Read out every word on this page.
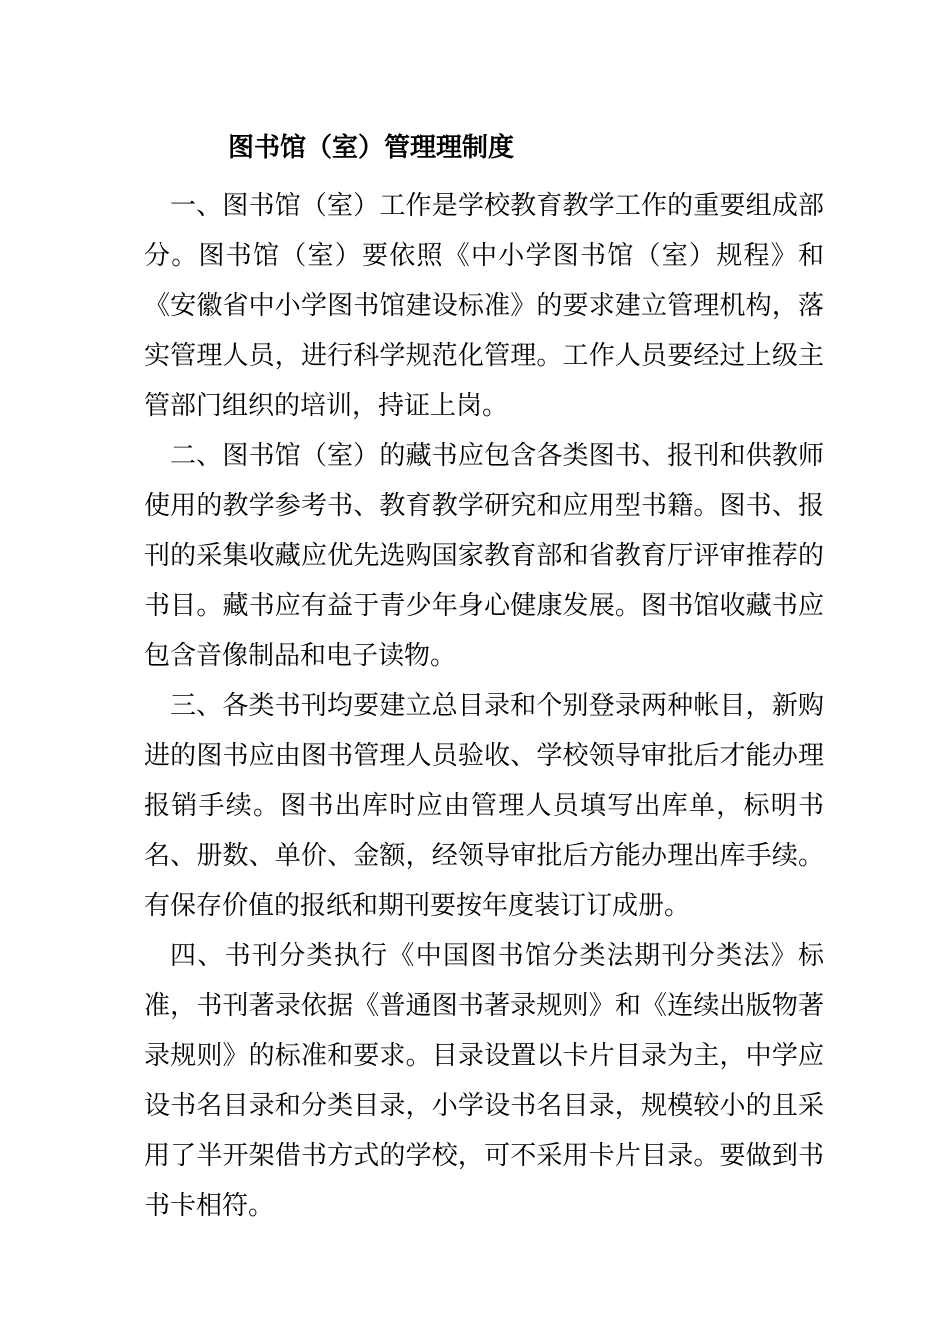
图书馆（室）管理理制度

一、图书馆（室）工作是学校教育教学工作的重要组成部分。图书馆（室）要依照《中小学图书馆（室）规程》和《安徽省中小学图书馆建设标准》的要求建立管理机构，落实管理人员，进行科学规范化管理。工作人员要经过上级主管部门组织的培训，持证上岗。

二、图书馆（室）的藏书应包含各类图书、报刊和供教师使用的教学参考书、教育教学研究和应用型书籍。图书、报刊的采集收藏应优先选购国家教育部和省教育厅评审推荐的书目。藏书应有益于青少年身心健康发展。图书馆收藏书应包含音像制品和电子读物。

三、各类书刊均要建立总目录和个别登录两种帐目，新购进的图书应由图书管理人员验收、学校领导审批后才能办理报销手续。图书出库时应由管理人员填写出库单，标明书名、册数、单价、金额，经领导审批后方能办理出库手续。有保存价值的报纸和期刊要按年度装订订成册。

四、书刊分类执行《中国图书馆分类法期刊分类法》标准，书刊著录依据《普通图书著录规则》和《连续出版物著录规则》的标准和要求。目录设置以卡片目录为主，中学应设书名目录和分类目录，小学设书名目录，规模较小的且采用了半开架借书方式的学校，可不采用卡片目录。要做到书书卡相符。
